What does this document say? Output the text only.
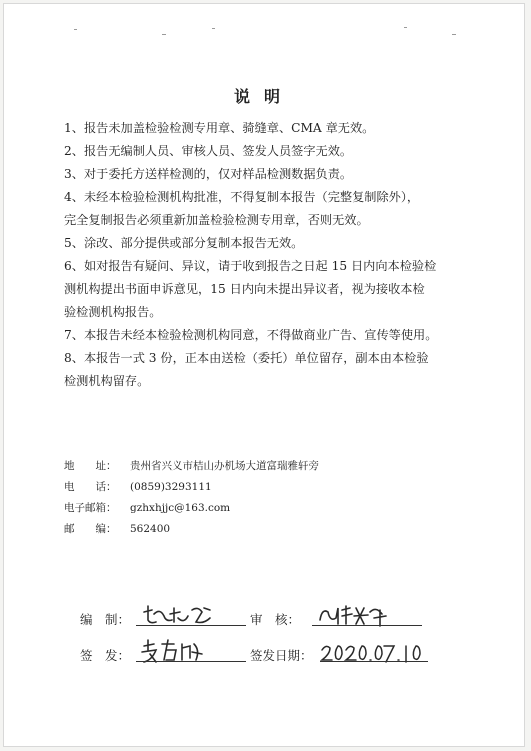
说明
1、报告未加盖检验检测专用章、骑缝章、CMA 章无效。
2、报告无编制人员、审核人员、签发人员签字无效。
3、对于委托方送样检测的，仅对样品检测数据负责。
4、未经本检验检测机构批准，不得复制本报告（完整复制除外），
完全复制报告必须重新加盖检验检测专用章，否则无效。
5、涂改、部分提供或部分复制本报告无效。
6、如对报告有疑问、异议，请于收到报告之日起 15 日内向本检验检
测机构提出书面申诉意见，15 日内向未提出异议者，视为接收本检
验检测机构报告。
7、本报告未经本检验检测机构同意，不得做商业广告、宣传等使用。
8、本报告一式 3 份，正本由送检（委托）单位留存，副本由本检验
检测机构留存。
地　　址： 贵州省兴义市桔山办机场大道富瑞雅轩旁
电　　话： (0859)3293111
电子邮箱： gzhxhjjc@163.com
邮　　编： 562400
编　制：	审　核：
签　发：	签发日期：
